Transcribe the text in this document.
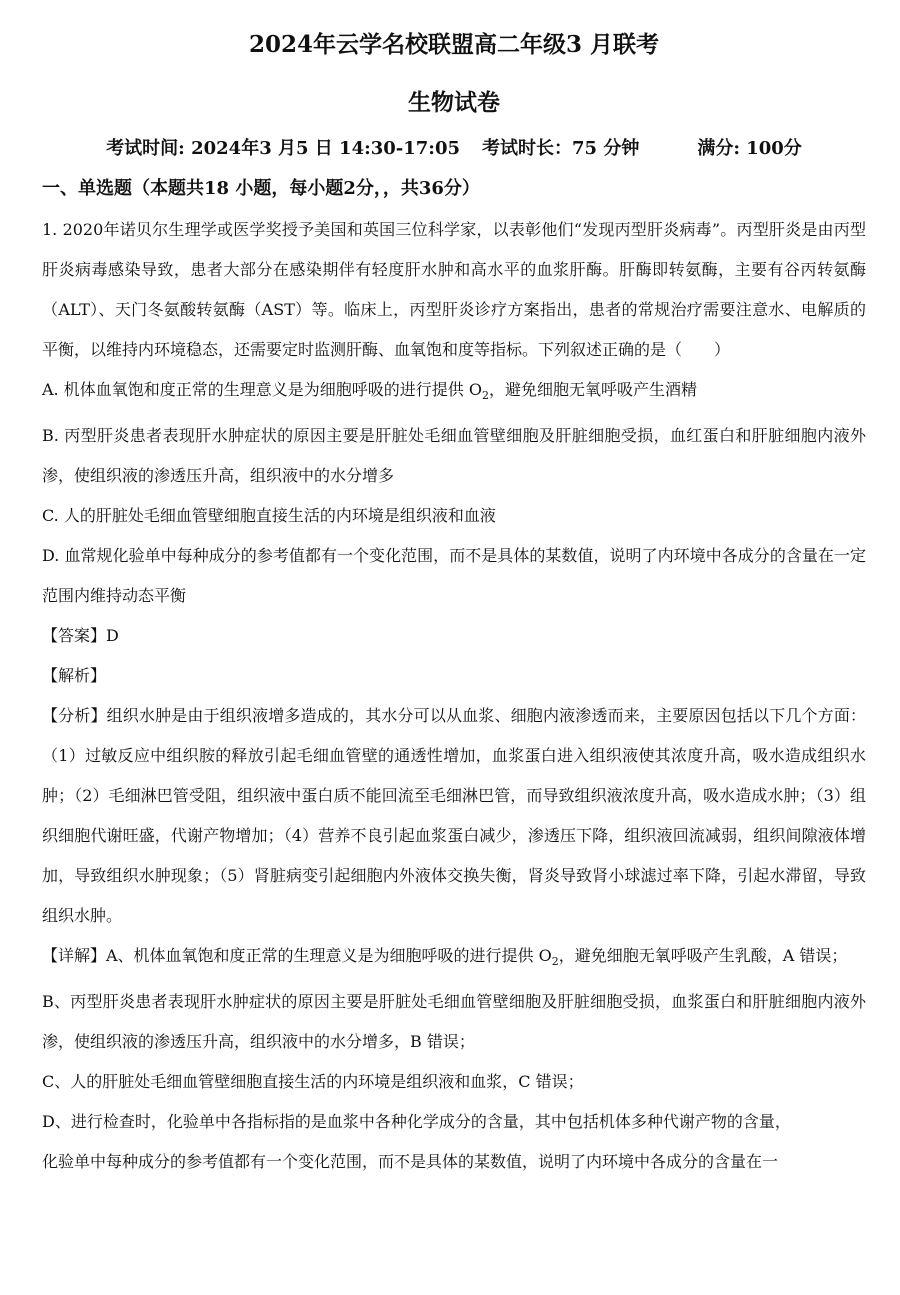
2024年云学名校联盟高二年级3 月联考
生物试卷
考试时间: 2024年3 月5 日 14:30-17:05 考试时长：75 分钟	满分: 100分
一、单选题（本题共18 小题，每小题2分，，共36分）

1. 2020年诺贝尔生理学或医学奖授予美国和英国三位科学家，以表彰他们“发现丙型肝炎病毒”。丙型肝炎是由丙型肝炎病毒感染导致，患者大部分在感染期伴有轻度肝水肿和高水平的血浆肝酶。肝酶即转氨酶，主要有谷丙转氨酶（ALT）、天门冬氨酸转氨酶（AST）等。临床上，丙型肝炎诊疗方案指出，患者的常规治疗需要注意水、电解质的平衡，以维持内环境稳态，还需要定时监测肝酶、血氧饱和度等指标。下列叙述正确的是（　　）

A. 机体血氧饱和度正常的生理意义是为细胞呼吸的进行提供 $O_2$，避免细胞无氧呼吸产生酒精

B. 丙型肝炎患者表现肝水肿症状的原因主要是肝脏处毛细血管壁细胞及肝脏细胞受损，血红蛋白和肝脏细胞内液外渗，使组织液的渗透压升高，组织液中的水分增多

C. 人的肝脏处毛细血管壁细胞直接生活的内环境是组织液和血液

D. 血常规化验单中每种成分的参考值都有一个变化范围，而不是具体的某数值，说明了内环境中各成分的含量在一定范围内维持动态平衡

【答案】D

【解析】

【分析】组织水肿是由于组织液增多造成的，其水分可以从血浆、细胞内液渗透而来，主要原因包括以下几个方面：（1）过敏反应中组织胺的释放引起毛细血管壁的通透性增加，血浆蛋白进入组织液使其浓度升高，吸水造成组织水肿；（2）毛细淋巴管受阻，组织液中蛋白质不能回流至毛细淋巴管，而导致组织液浓度升高，吸水造成水肿；（3）组织细胞代谢旺盛，代谢产物增加；（4）营养不良引起血浆蛋白减少，渗透压下降，组织液回流减弱，组织间隙液体增加，导致组织水肿现象；（5）肾脏病变引起细胞内外液体交换失衡，肾炎导致肾小球滤过率下降，引起水滞留，导致组织水肿。

【详解】A、机体血氧饱和度正常的生理意义是为细胞呼吸的进行提供 $O_2$，避免细胞无氧呼吸产生乳酸，A 错误；

B、丙型肝炎患者表现肝水肿症状的原因主要是肝脏处毛细血管壁细胞及肝脏细胞受损，血浆蛋白和肝脏细胞内液外渗，使组织液的渗透压升高，组织液中的水分增多，B 错误；

C、人的肝脏处毛细血管壁细胞直接生活的内环境是组织液和血浆，C 错误；

D、进行检查时，化验单中各指标指的是血浆中各种化学成分的含量，其中包括机体多种代谢产物的含量，

化验单中每种成分的参考值都有一个变化范围，而不是具体的某数值，说明了内环境中各成分的含量在一
